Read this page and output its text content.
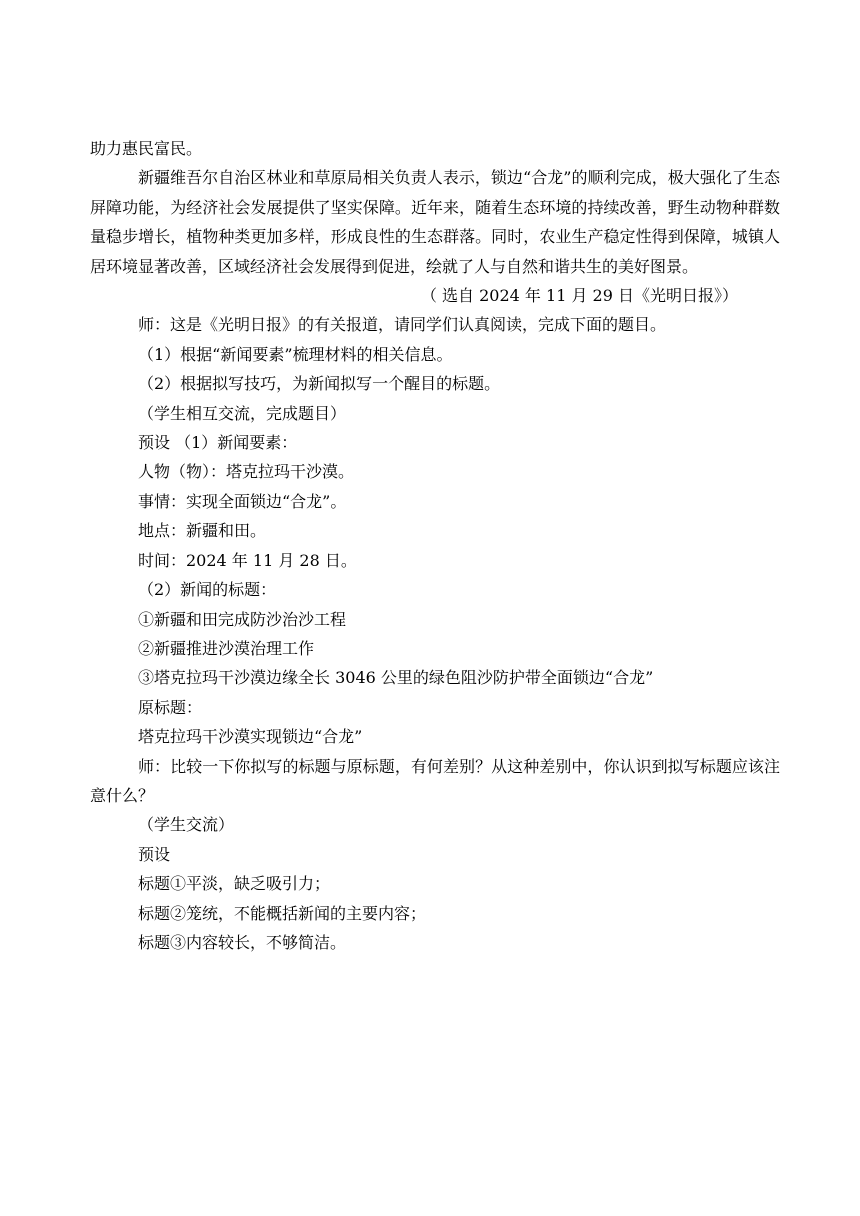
助力惠民富民。

新疆维吾尔自治区林业和草原局相关负责人表示，锁边“合龙”的顺利完成，极大强化了生态屏障功能，为经济社会发展提供了坚实保障。近年来，随着生态环境的持续改善，野生动物种群数量稳步增长，植物种类更加多样，形成良性的生态群落。同时，农业生产稳定性得到保障，城镇人居环境显著改善，区域经济社会发展得到促进，绘就了人与自然和谐共生的美好图景。

（ 选自 2024 年 11 月 29 日《光明日报》）

师：这是《光明日报》的有关报道，请同学们认真阅读，完成下面的题目。

（1）根据“新闻要素”梳理材料的相关信息。

（2）根据拟写技巧，为新闻拟写一个醒目的标题。

（学生相互交流，完成题目）

预设 （1）新闻要素：

人物（物）：塔克拉玛干沙漠。

事情：实现全面锁边“合龙”。

地点：新疆和田。

时间：2024 年 11 月 28 日。

（2）新闻的标题：

①新疆和田完成防沙治沙工程

②新疆推进沙漠治理工作

③塔克拉玛干沙漠边缘全长 3046 公里的绿色阻沙防护带全面锁边“合龙”

原标题：

塔克拉玛干沙漠实现锁边“合龙”

师：比较一下你拟写的标题与原标题，有何差别？从这种差别中，你认识到拟写标题应该注意什么？

（学生交流）

预设

标题①平淡，缺乏吸引力；

标题②笼统，不能概括新闻的主要内容；

标题③内容较长，不够简洁。
